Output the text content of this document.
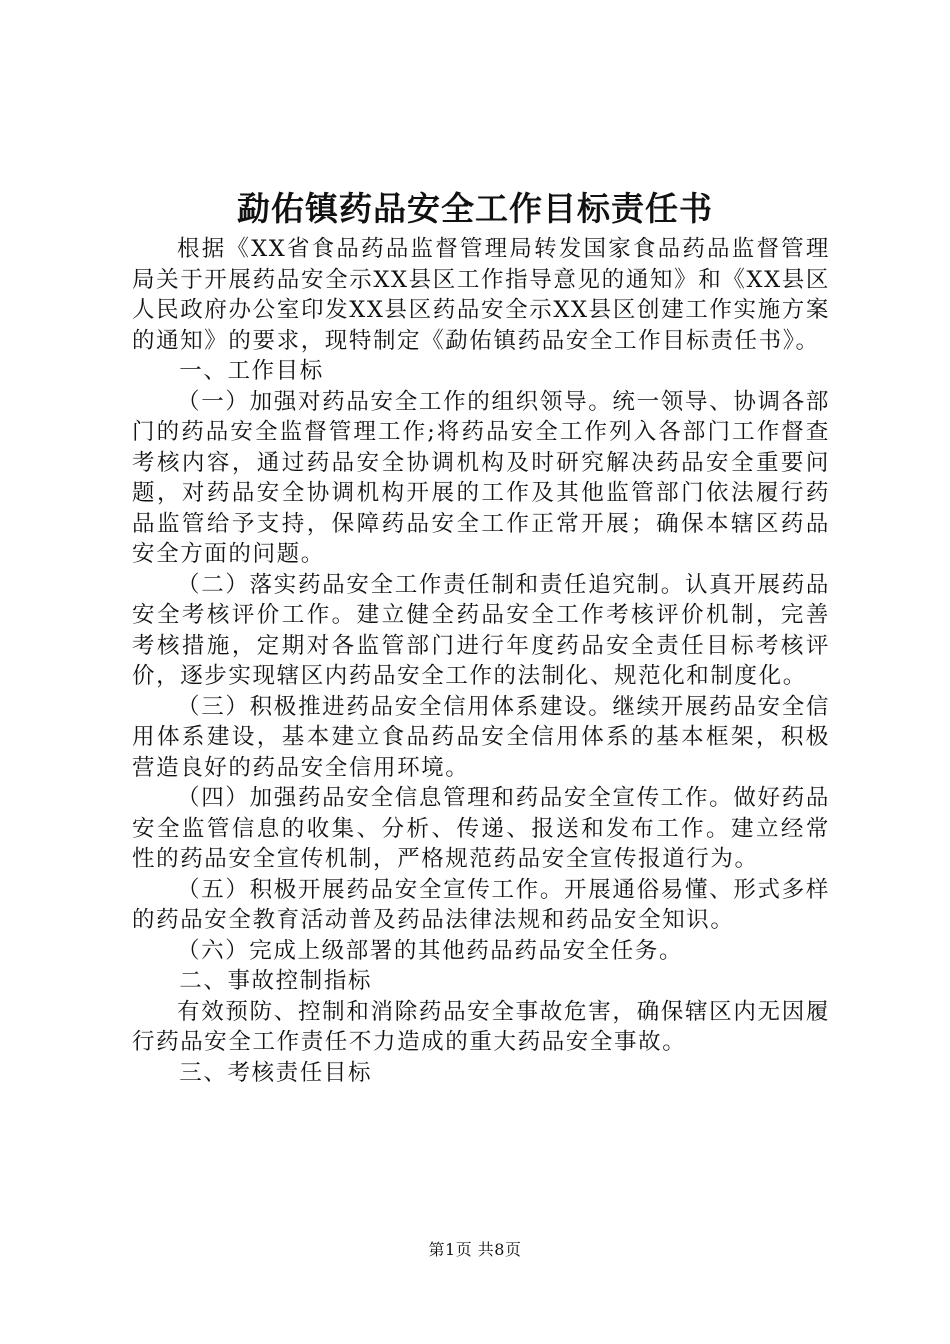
勐佑镇药品安全工作目标责任书

根据《XX省食品药品监督管理局转发国家食品药品监督管理局关于开展药品安全示XX县区工作指导意见的通知》和《XX县区人民政府办公室印发XX县区药品安全示XX县区创建工作实施方案的通知》的要求，现特制定《勐佑镇药品安全工作目标责任书》。

一、工作目标

（一）加强对药品安全工作的组织领导。统一领导、协调各部门的药品安全监督管理工作;将药品安全工作列入各部门工作督查考核内容，通过药品安全协调机构及时研究解决药品安全重要问题，对药品安全协调机构开展的工作及其他监管部门依法履行药品监管给予支持，保障药品安全工作正常开展；确保本辖区药品安全方面的问题。

（二）落实药品安全工作责任制和责任追究制。认真开展药品安全考核评价工作。建立健全药品安全工作考核评价机制，完善考核措施，定期对各监管部门进行年度药品安全责任目标考核评价，逐步实现辖区内药品安全工作的法制化、规范化和制度化。

（三）积极推进药品安全信用体系建设。继续开展药品安全信用体系建设，基本建立食品药品安全信用体系的基本框架，积极营造良好的药品安全信用环境。

（四）加强药品安全信息管理和药品安全宣传工作。做好药品安全监管信息的收集、分析、传递、报送和发布工作。建立经常性的药品安全宣传机制，严格规范药品安全宣传报道行为。

（五）积极开展药品安全宣传工作。开展通俗易懂、形式多样的药品安全教育活动普及药品法律法规和药品安全知识。

（六）完成上级部署的其他药品药品安全任务。

二、事故控制指标

有效预防、控制和消除药品安全事故危害，确保辖区内无因履行药品安全工作责任不力造成的重大药品安全事故。

三、考核责任目标

第1页 共8页
